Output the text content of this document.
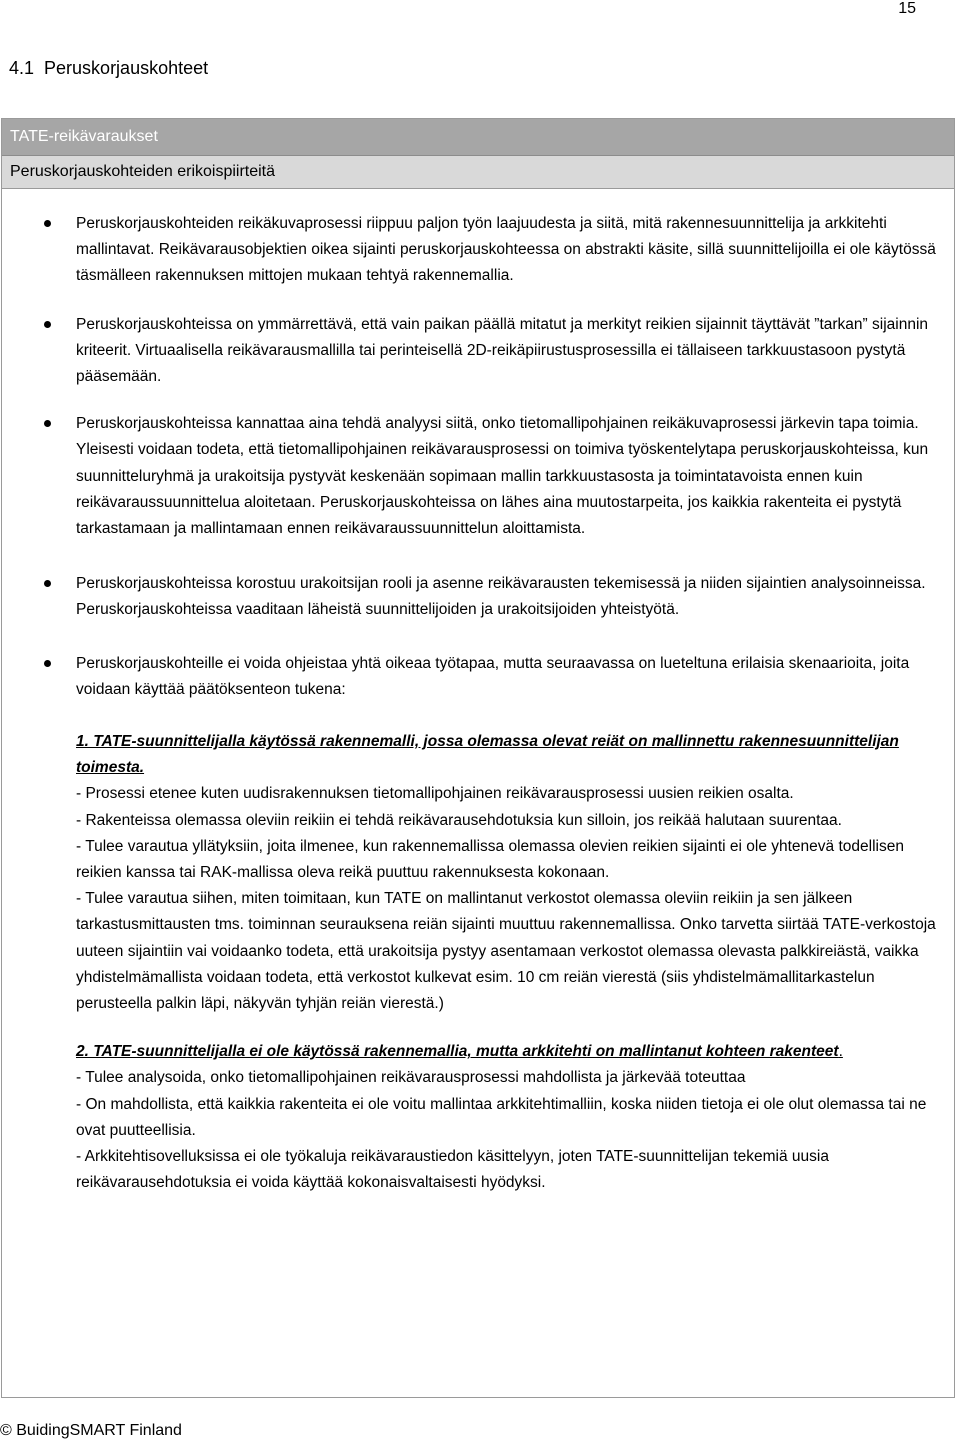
15
4.1 Peruskorjauskohteet
TATE-reikävaraukset
Peruskorjauskohteiden erikoispiirteitä
Peruskorjauskohteiden reikäkuvaprosessi riippuu paljon työn laajuudesta ja siitä, mitä rakennesuunnittelija ja arkkitehti mallintavat. Reikävarausobjektien oikea sijainti peruskorjauskohteessa on abstrakti käsite, sillä suunnittelijoilla ei ole käytössä täsmälleen rakennuksen mittojen mukaan tehtyä rakennemallia.
Peruskorjauskohteissa on ymmärrettävä, että vain paikan päällä mitatut ja merkityt reikien sijainnit täyttävät ”tarkan” sijainnin kriteerit. Virtuaalisella reikävarausmallilla tai perinteisellä 2D-reikäpiirustusprosessilla ei tällaiseen tarkkuustasoon pystytä pääsemään.
Peruskorjauskohteissa kannattaa aina tehdä analyysi siitä, onko tietomallipohjainen reikäkuvaprosessi järkevin tapa toimia. Yleisesti voidaan todeta, että tietomallipohjainen reikävarausprosessi on toimiva työskentelytapa peruskorjauskohteissa, kun suunnitteluryhmä ja urakoitsija pystyvät keskenään sopimaan mallin tarkkuustasosta ja toimintatavoista ennen kuin reikävaraussuunnittelua aloitetaan. Peruskorjauskohteissa on lähes aina muutostarpeita, jos kaikkia rakenteita ei pystytä tarkastamaan ja mallintamaan ennen reikävaraussuunnittelun aloittamista.
Peruskorjauskohteissa korostuu urakoitsijan rooli ja asenne reikävarausten tekemisessä ja niiden sijaintien analysoinneissa. Peruskorjauskohteissa vaaditaan läheistä suunnittelijoiden ja urakoitsijoiden yhteistyötä.
Peruskorjauskohteille ei voida ohjeistaa yhtä oikeaa työtapaa, mutta seuraavassa on lueteltuna erilaisia skenaarioita, joita voidaan käyttää päätöksenteon tukena:
1. TATE-suunnittelijalla käytössä rakennemalli, jossa olemassa olevat reiät on mallinnettu rakennesuunnittelijan toimesta.
- Prosessi etenee kuten uudisrakennuksen tietomallipohjainen reikävarausprosessi uusien reikien osalta.
- Rakenteissa olemassa oleviin reikiin ei tehdä reikävarausehdotuksia kun silloin, jos reikää halutaan suurentaa.
- Tulee varautua yllätyksiin, joita ilmenee, kun rakennemallissa olemassa olevien reikien sijainti ei ole yhtenevä todellisen reikien kanssa tai RAK-mallissa oleva reikä puuttuu rakennuksesta kokonaan.
- Tulee varautua siihen, miten toimitaan, kun TATE on mallintanut verkostot olemassa oleviin reikiin ja sen jälkeen tarkastusmittausten tms. toiminnan seurauksena reiän sijainti muuttuu rakennemallissa. Onko tarvetta siirtää TATE-verkostoja uuteen sijaintiin vai voidaanko todeta, että urakoitsija pystyy asentamaan verkostot olemassa olevasta palkkireiästä, vaikka yhdistelmämallista voidaan todeta, että verkostot kulkevat esim. 10 cm reiän vierestä (siis yhdistelmämallitarkastelun perusteella palkin läpi, näkyvän tyhjän reiän vierestä.)
2. TATE-suunnittelijalla ei ole käytössä rakennemallia, mutta arkkitehti on mallintanut kohteen rakenteet.
- Tulee analysoida, onko tietomallipohjainen reikävarausprosessi mahdollista ja järkevää toteuttaa
- On mahdollista, että kaikkia rakenteita ei ole voitu mallintaa arkkitehtimalliin, koska niiden tietoja ei ole olut olemassa tai ne ovat puutteellisia.
- Arkkitehtisovelluksissa ei ole työkaluja reikävaraustiedon käsittelyyn, joten TATE-suunnittelijan tekemiä uusia reikävarausehdotuksia ei voida käyttää kokonaisvaltaisesti hyödyksi.
© BuidingSMART Finland
